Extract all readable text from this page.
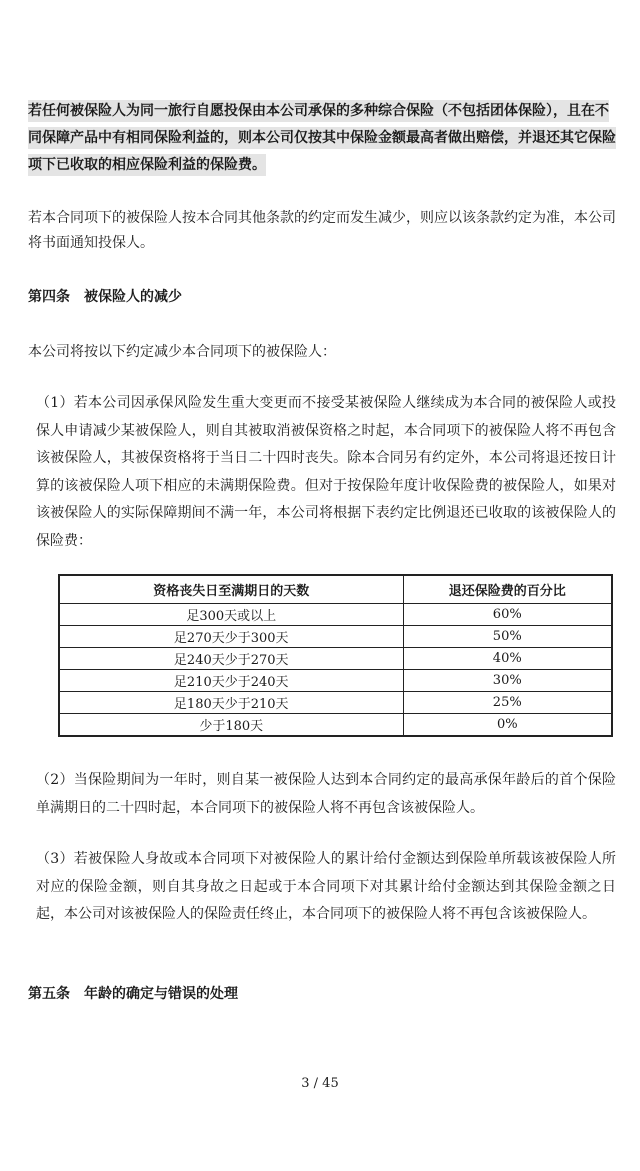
若任何被保险人为同一旅行自愿投保由本公司承保的多种综合保险（不包括团体保险），且在不同保障产品中有相同保险利益的，则本公司仅按其中保险金额最高者做出赔偿，并退还其它保险项下已收取的相应保险利益的保险费。
若本合同项下的被保险人按本合同其他条款的约定而发生减少，则应以该条款约定为准，本公司将书面通知投保人。
第四条 被保险人的减少
本公司将按以下约定减少本合同项下的被保险人：
（1）若本公司因承保风险发生重大变更而不接受某被保险人继续成为本合同的被保险人或投保人申请减少某被保险人，则自其被取消被保资格之时起，本合同项下的被保险人将不再包含该被保险人，其被保资格将于当日二十四时丧失。除本合同另有约定外，本公司将退还按日计算的该被保险人项下相应的未满期保险费。但对于按保险年度计收保险费的被保险人，如果对该被保险人的实际保障期间不满一年，本公司将根据下表约定比例退还已收取的该被保险人的保险费：
资格丧失日至满期日的天数	退还保险费的百分比
足300天或以上	60%
足270天少于300天	50%
足240天少于270天	40%
足210天少于240天	30%
足180天少于210天	25%
少于180天	0%
（2）当保险期间为一年时，则自某一被保险人达到本合同约定的最高承保年龄后的首个保险单满期日的二十四时起，本合同项下的被保险人将不再包含该被保险人。
（3）若被保险人身故或本合同项下对被保险人的累计给付金额达到保险单所载该被保险人所对应的保险金额，则自其身故之日起或于本合同项下对其累计给付金额达到其保险金额之日起，本公司对该被保险人的保险责任终止，本合同项下的被保险人将不再包含该被保险人。
第五条 年龄的确定与错误的处理
3 / 45
